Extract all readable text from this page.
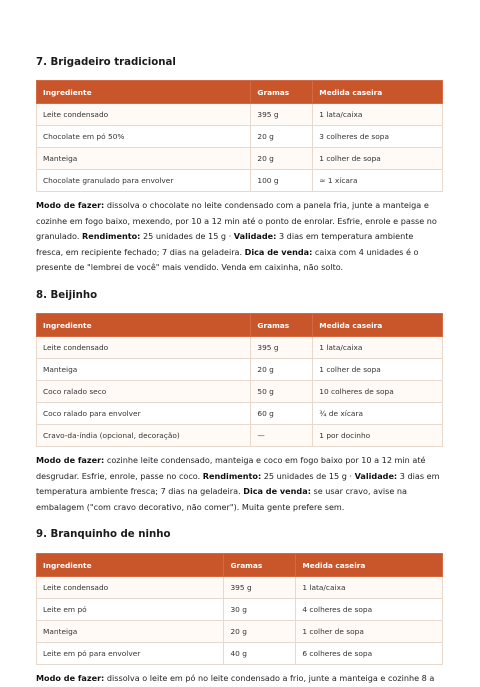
7. Brigadeiro tradicional
Ingrediente	Gramas	Medida caseira
Leite condensado	395 g	1 lata/caixa
Chocolate em pó 50%	20 g	3 colheres de sopa
Manteiga	20 g	1 colher de sopa
Chocolate granulado para envolver	100 g	≈ 1 xícara

Modo de fazer: dissolva o chocolate no leite condensado com a panela fria, junte a manteiga e cozinhe em fogo baixo, mexendo, por 10 a 12 min até o ponto de enrolar. Esfrie, enrole e passe no granulado. Rendimento: 25 unidades de 15 g · Validade: 3 dias em temperatura ambiente fresca, em recipiente fechado; 7 dias na geladeira. Dica de venda: caixa com 4 unidades é o presente de "lembrei de você" mais vendido. Venda em caixinha, não solto.

8. Beijinho
Ingrediente	Gramas	Medida caseira
Leite condensado	395 g	1 lata/caixa
Manteiga	20 g	1 colher de sopa
Coco ralado seco	50 g	10 colheres de sopa
Coco ralado para envolver	60 g	¾ de xícara
Cravo-da-índia (opcional, decoração)	—	1 por docinho

Modo de fazer: cozinhe leite condensado, manteiga e coco em fogo baixo por 10 a 12 min até desgrudar. Esfrie, enrole, passe no coco. Rendimento: 25 unidades de 15 g · Validade: 3 dias em temperatura ambiente fresca; 7 dias na geladeira. Dica de venda: se usar cravo, avise na embalagem ("com cravo decorativo, não comer"). Muita gente prefere sem.

9. Branquinho de ninho
Ingrediente	Gramas	Medida caseira
Leite condensado	395 g	1 lata/caixa
Leite em pó	30 g	4 colheres de sopa
Manteiga	20 g	1 colher de sopa
Leite em pó para envolver	40 g	6 colheres de sopa

Modo de fazer: dissolva o leite em pó no leite condensado a frio, junte a manteiga e cozinhe 8 a
